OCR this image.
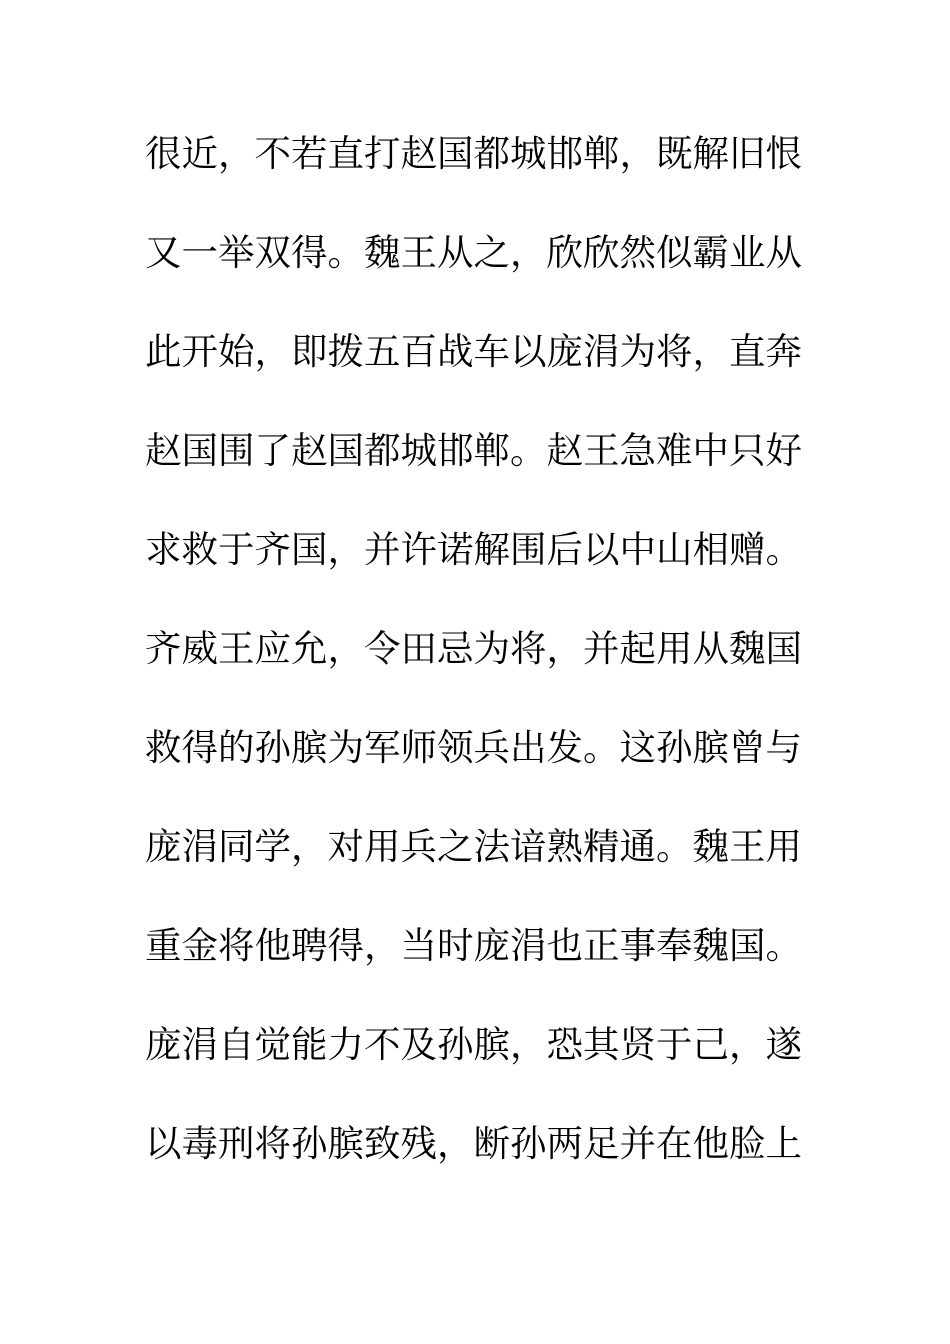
很近，不若直打赵国都城邯郸，既解旧恨
又一举双得。魏王从之，欣欣然似霸业从
此开始，即拨五百战车以庞涓为将，直奔
赵国围了赵国都城邯郸。赵王急难中只好
求救于齐国，并许诺解围后以中山相赠。
齐威王应允，令田忌为将，并起用从魏国
救得的孙膑为军师领兵出发。这孙膑曾与
庞涓同学，对用兵之法谙熟精通。魏王用
重金将他聘得，当时庞涓也正事奉魏国。
庞涓自觉能力不及孙膑，恐其贤于己，遂
以毒刑将孙膑致残，断孙两足并在他脸上
